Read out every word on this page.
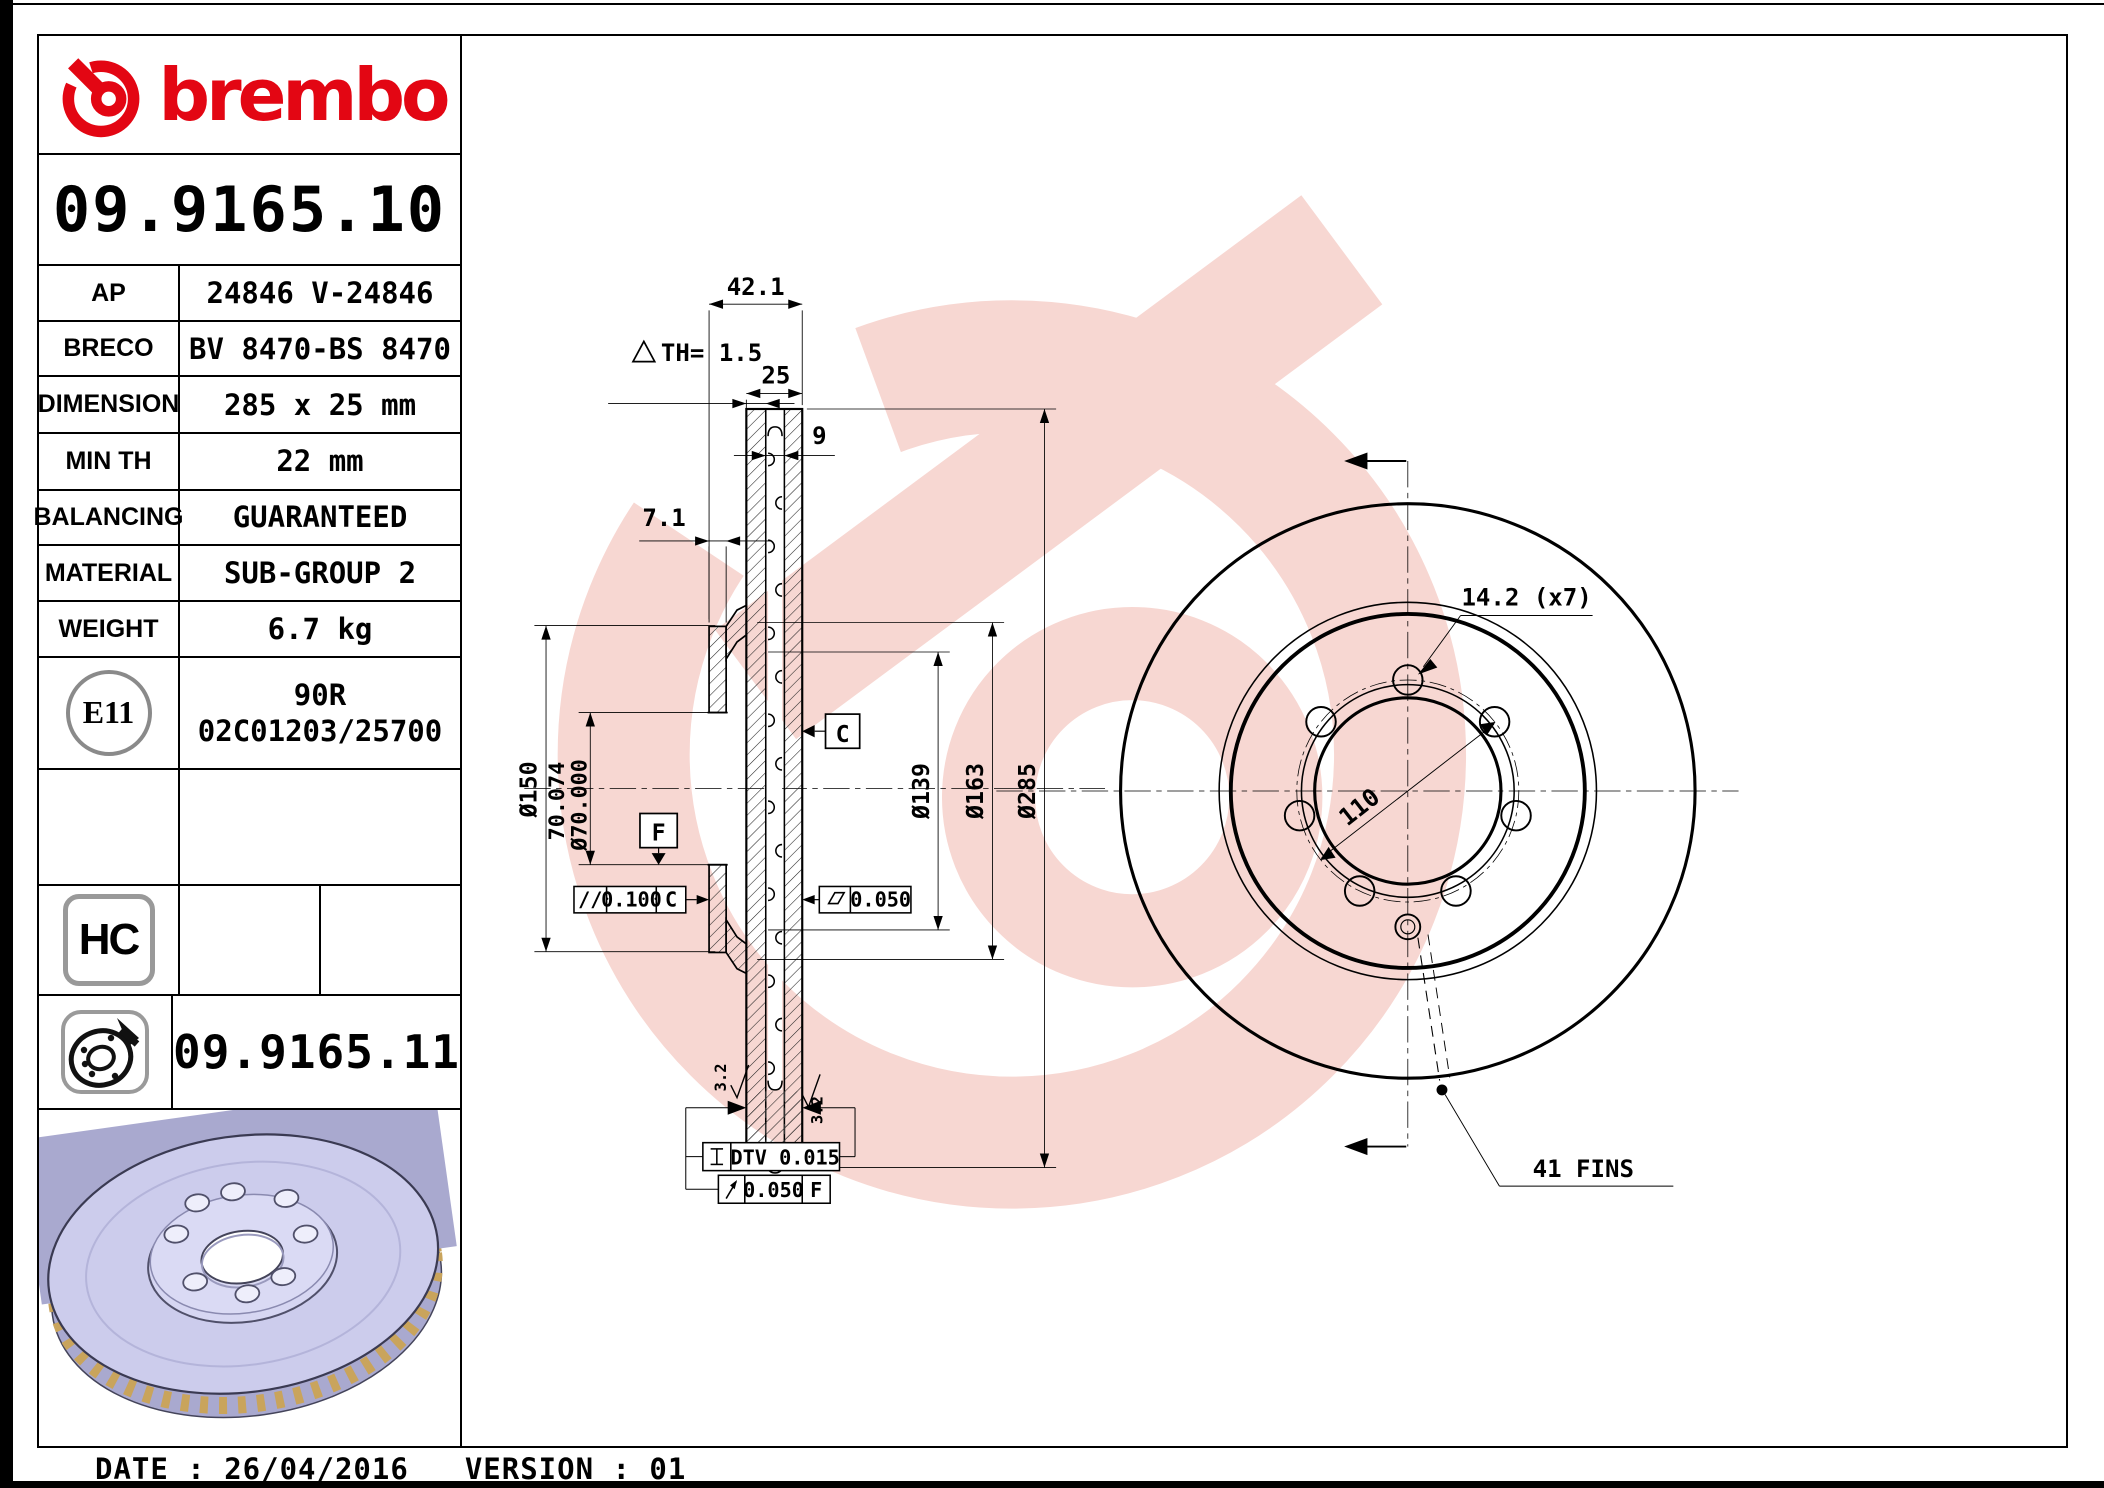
brembo
09.9165.10
AP	24846 V-24846
BRECO	BV 8470-BS 8470
DIMENSION	285 x 25 mm
MIN TH	22 mm
BALANCING	GUARANTEED
MATERIAL	SUB-GROUP 2
WEIGHT	6.7 kg
E11	90R
02C01203/25700
HC
09.9165.11
42.1
25
TH= 1.5
9
7.1
Ø150 70.074
Ø70.000	Ø139 Ø163 Ø285
C
F
//
0.100 C	0.050
DTV 0.015
0.050 F
3.2
3.2
14.2 (x7)
110
41 FINS
DATE : 26/04/2016 VERSION : 01
